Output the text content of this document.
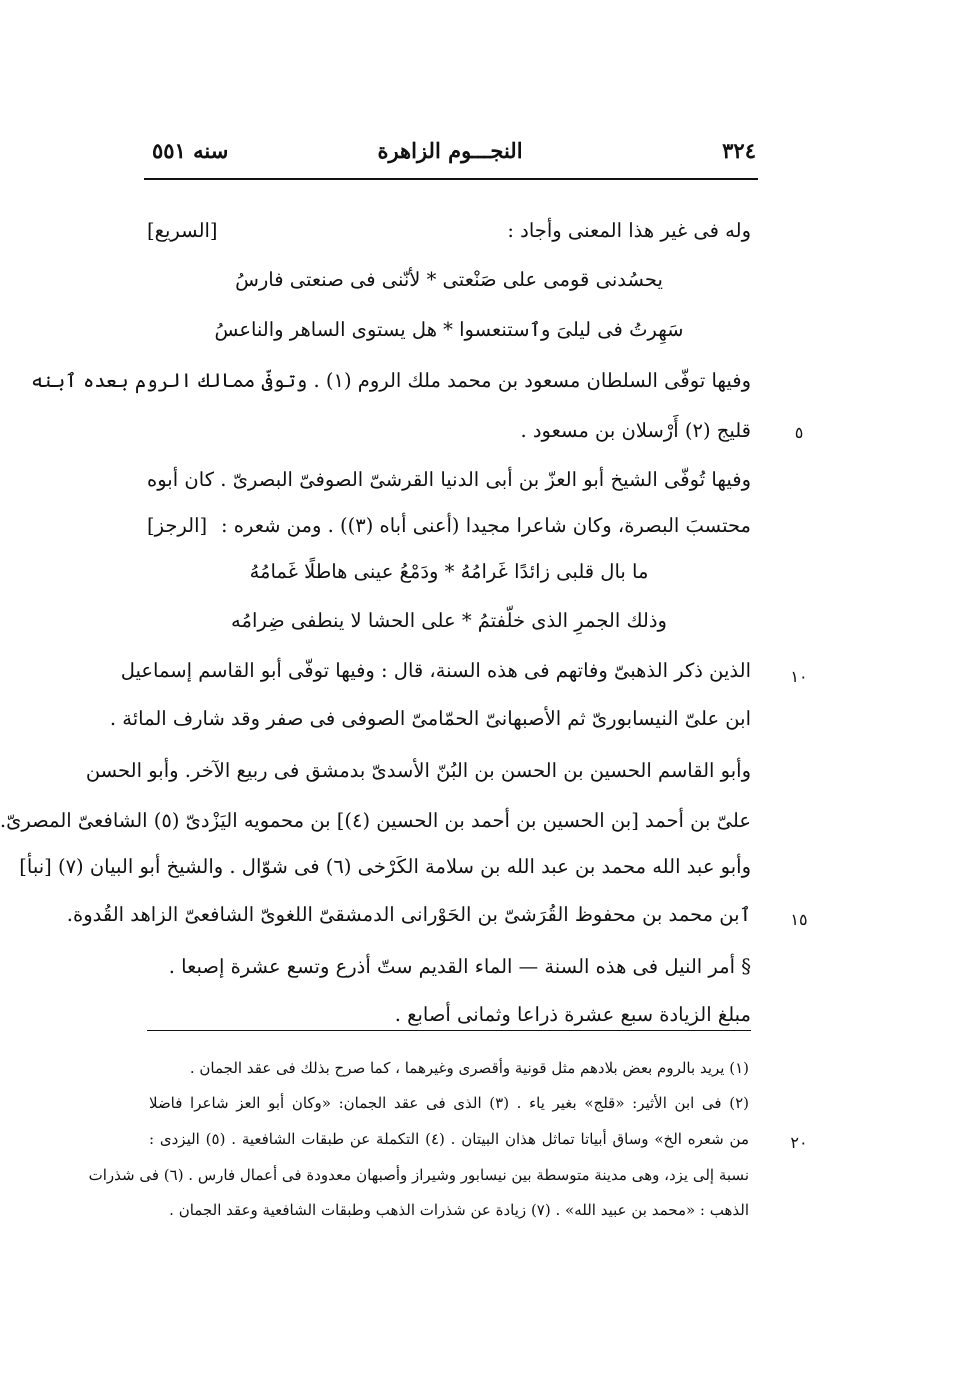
٣٢٤
النجـــوم الزاهرة
سنه ٥٥١
وله فى غير هذا المعنى وأجاد :
[السريع]
يحسُدنى قومى على صَنْعتى * لأنّنى فى صنعتى فارسُ
سَهِرتُ فى ليلىَ وٱستنعسوا * هل يستوى الساهر والناعسُ
وفيها توفّى السلطان مسعود بن محمد ملك الروم (١) . وتوفّى ممالك الروم بعده ٱبنه
قليج (٢) أَرْسلان بن مسعود .
وفيها تُوفّى الشيخ أبو العزّ بن أبى الدنيا القرشىّ الصوفىّ البصرىّ . كان أبوه
محتسبَ البصرة، وكان شاعرا مجيدا (أعنى أباه (٣)) . ومن شعره :
[الرجز]
ما بال قلبى زائدًا غَرامُهُ * ودَمْعُ عينى هاطلًا غَمامُهُ
وذلك الجمرِ الذى خلّفتمُ * على الحشا لا ينطفى ضِرامُه
الذين ذكر الذهبىّ وفاتهم فى هذه السنة، قال : وفيها توفّى أبو القاسم إسماعيل
ابن علىّ النيسابورىّ ثم الأصبهانىّ الحمّامىّ الصوفى فى صفر وقد شارف المائة .
وأبو القاسم الحسين بن الحسن بن البُنّ الأسدىّ بدمشق فى ربيع الآخر. وأبو الحسن
علىّ بن أحمد [بن الحسين بن أحمد بن الحسين (٤)] بن محمويه اليَزْدىّ (٥) الشافعىّ المصرىّ.
وأبو عبد الله محمد بن عبد الله بن سلامة الكَرْخى (٦) فى شوّال . والشيخ أبو البيان (٧) [نبأ]
ٱبن محمد بن محفوظ القُرَشىّ بن الحَوْرانى الدمشقىّ اللغوىّ الشافعىّ الزاهد القُدوة.
§ أمر النيل فى هذه السنة — الماء القديم ستّ أذرع وتسع عشرة إصبعا .
مبلغ الزيادة سبع عشرة ذراعا وثمانى أصابع .
٥
١٠
١٥
٢٠
(١) يريد بالروم بعض بلادهم مثل قونية وأقصرى وغيرهما ، كما صرح بذلك فى عقد الجمان .
(٢) فى ابن الأثير: «قلج» بغير ياء . (٣) الذى فى عقد الجمان: «وكان أبو العز شاعرا فاضلا
من شعره الخ» وساق أبياتا تماثل هذان البيتان . (٤) التكملة عن طبقات الشافعية . (٥) اليزدى :
نسبة إلى يزد، وهى مدينة متوسطة بين نيسابور وشيراز وأصبهان معدودة فى أعمال فارس . (٦) فى شذرات
الذهب : «محمد بن عبيد الله» . (٧) زيادة عن شذرات الذهب وطبقات الشافعية وعقد الجمان .
